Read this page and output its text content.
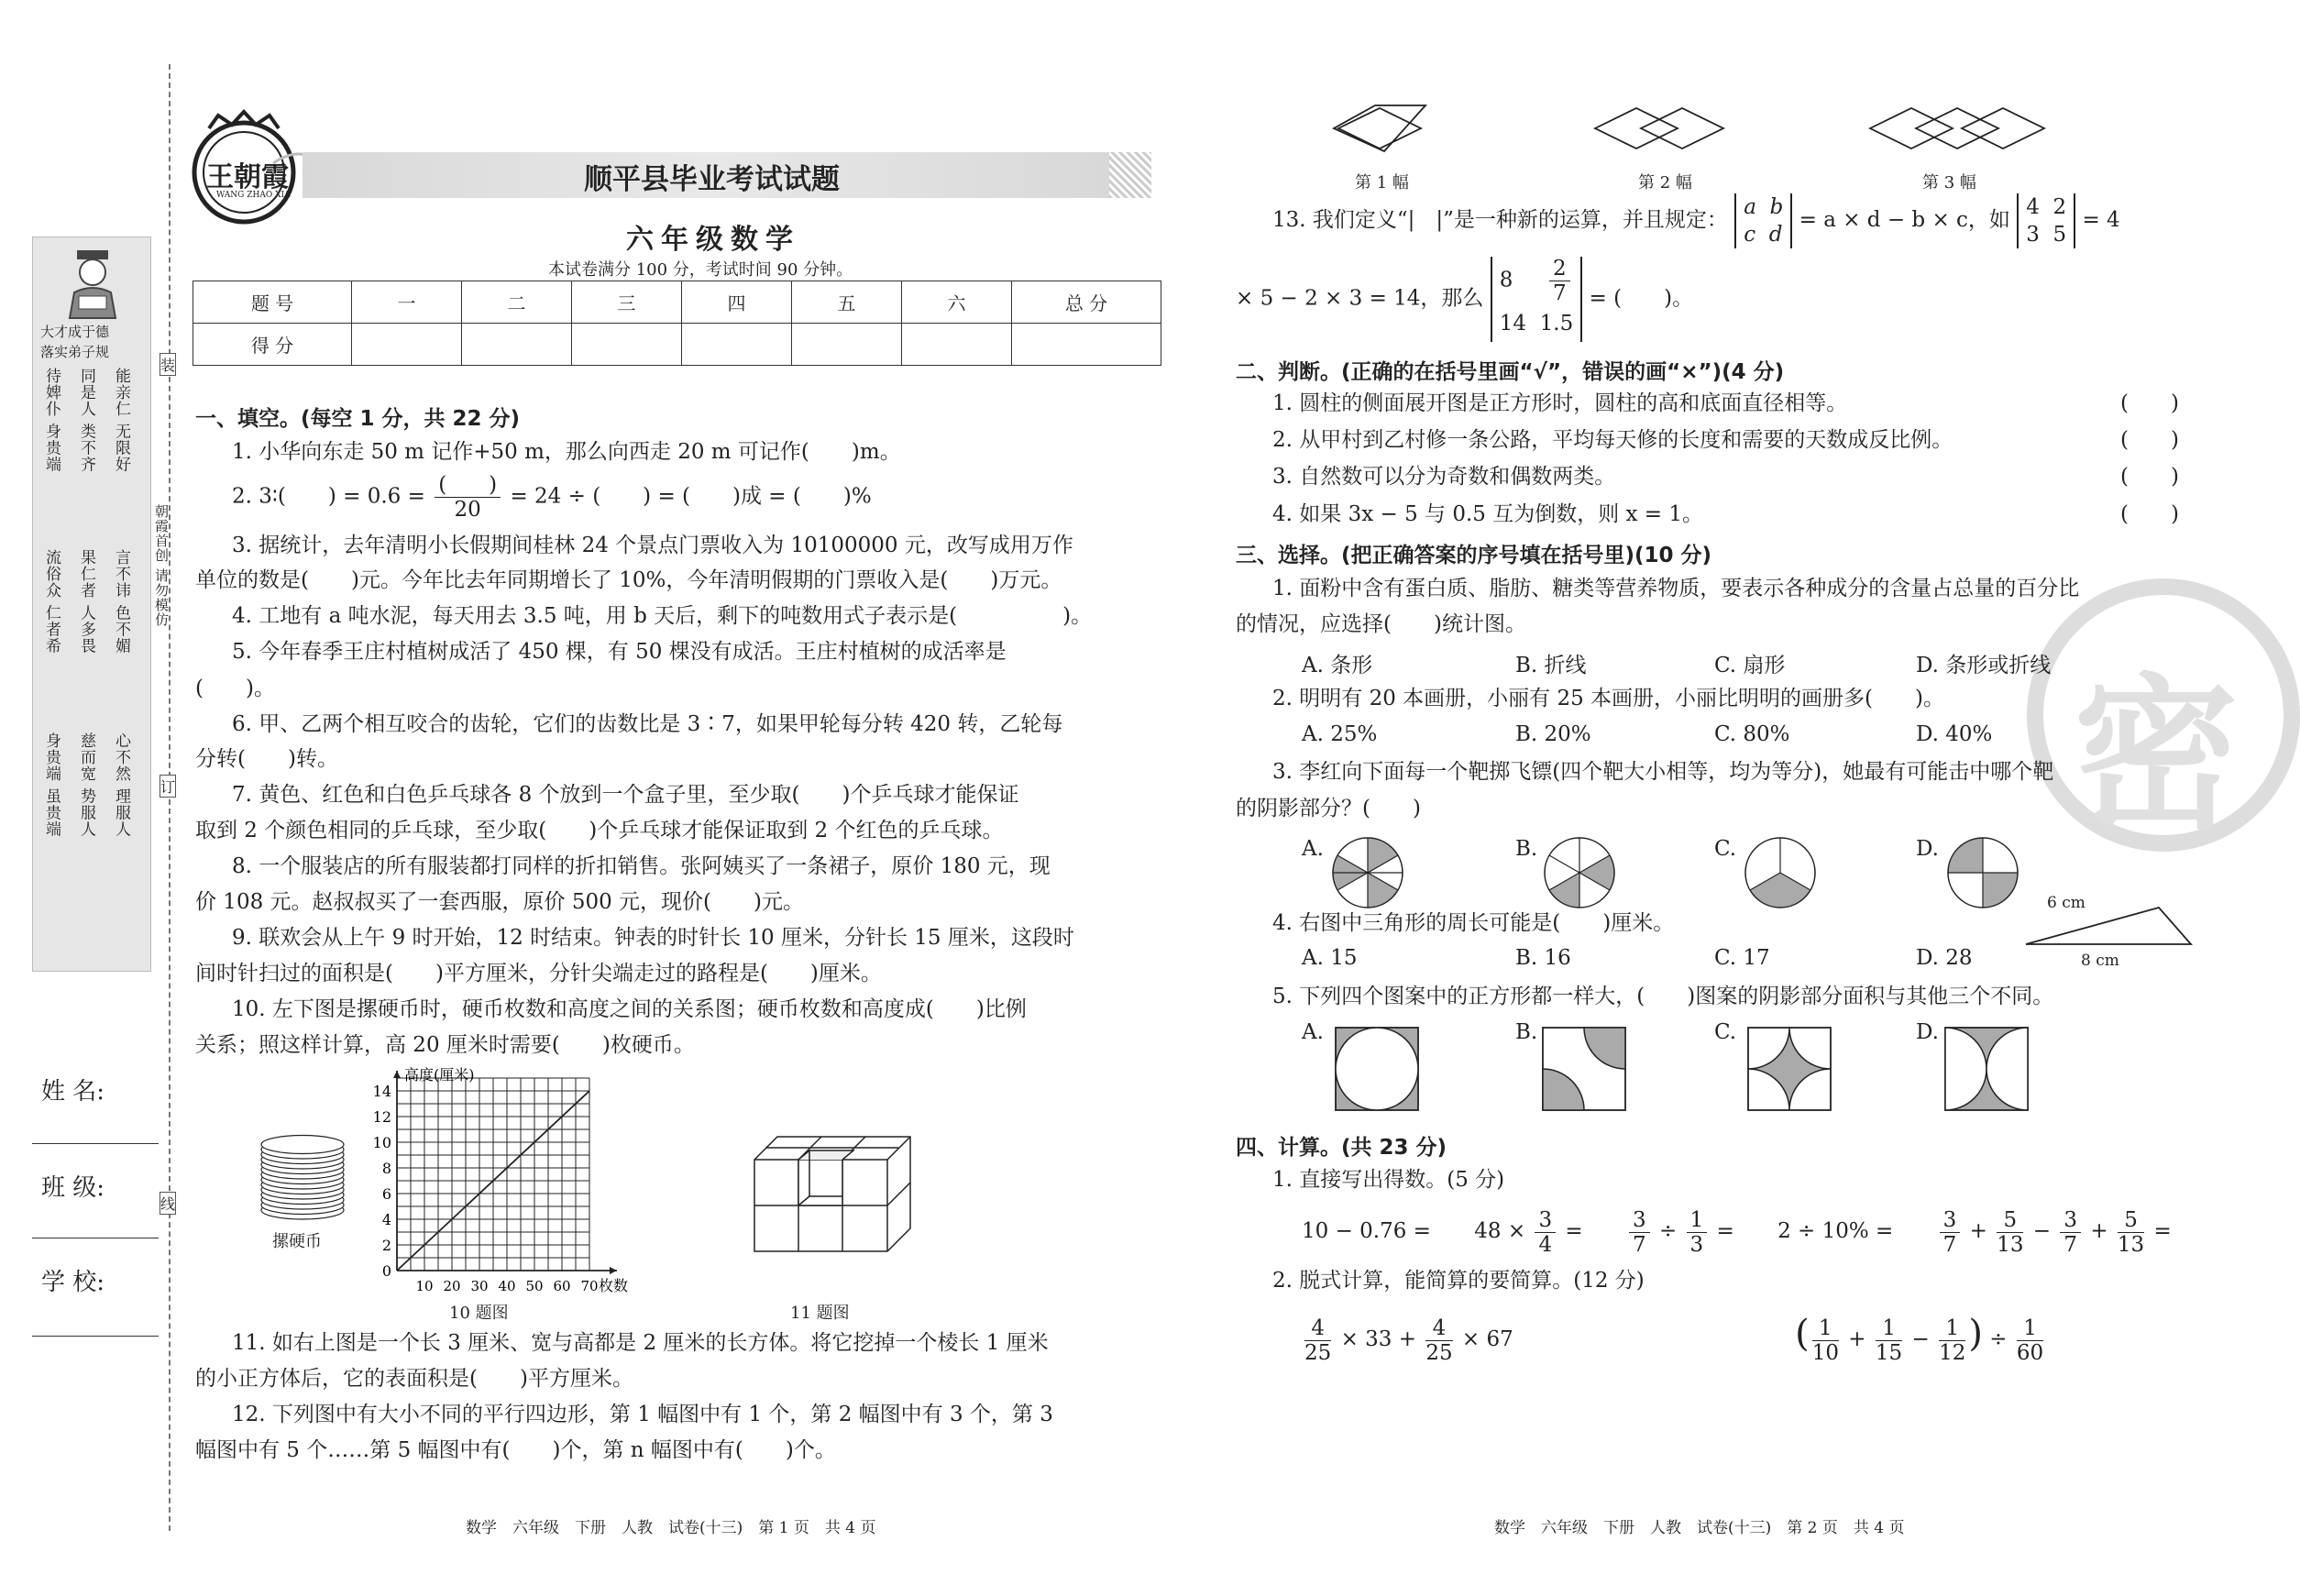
大才成于德
落实弟子规
待婢仆 身贵端 同是人 类不齐 能亲仁 无限好
流俗众 仁者希 果仁者 人多畏 言不讳 色不媚
身贵端 虽贵端 慈而宽 势服人 心不然 理服人
姓 名:
班 级:
学 校:
装
订
线
朝霞首创 请勿模仿
王朝霞
WANG ZHAO XIA	顺平县毕业考试试题
六年级数学
本试卷满分 100 分，考试时间 90 分钟。
题 号	一	二	三	四	五	六	总 分
得 分							
一、填空。(每空 1 分，共 22 分)
1. 小华向东走 50 m 记作+50 m，那么向西走 20 m 可记作(　　)m。
2. 3∶(　　) = $0.6 = \frac{( )}{20} = 24$ ÷ (　　) = (　　)成 = (　　)%
3. 据统计，去年清明小长假期间桂林 24 个景点门票收入为 10100000 元，改写成用万作
单位的数是(　　)元。今年比去年同期增长了 10%，今年清明假期的门票收入是(　　)万元。
4. 工地有 a 吨水泥，每天用去 3.5 吨，用 b 天后，剩下的吨数用式子表示是(　　　　　)。
5. 今年春季王庄村植树成活了 450 棵，有 50 棵没有成活。王庄村植树的成活率是
(　　)。
6. 甲、乙两个相互咬合的齿轮，它们的齿数比是 3∶7，如果甲轮每分转 420 转，乙轮每
分转(　　)转。
7. 黄色、红色和白色乒乓球各 8 个放到一个盒子里，至少取(　　)个乒乓球才能保证
取到 2 个颜色相同的乒乓球，至少取(　　)个乒乓球才能保证取到 2 个红色的乒乓球。
8. 一个服装店的所有服装都打同样的折扣销售。张阿姨买了一条裙子，原价 180 元，现
价 108 元。赵叔叔买了一套西服，原价 500 元，现价(　　)元。
9. 联欢会从上午 9 时开始，12 时结束。钟表的时针长 10 厘米，分针长 15 厘米，这段时
间时针扫过的面积是(　　)平方厘米，分针尖端走过的路程是(　　)厘米。
10. 左下图是摞硬币时，硬币枚数和高度之间的关系图；硬币枚数和高度成(　　)比例
关系；照这样计算，高 20 厘米时需要(　　)枚硬币。
摞硬币
0
2
4
6
8
10
12
14
10 20 30 40 50 60 70
高度(厘米)
枚数
10 题图	11 题图
11. 如右上图是一个长 3 厘米、宽与高都是 2 厘米的长方体。将它挖掉一个棱长 1 厘米
的小正方体后，它的表面积是(　　)平方厘米。
12. 下列图中有大小不同的平行四边形，第 1 幅图中有 1 个，第 2 幅图中有 3 个，第 3
幅图中有 5 个……第 5 幅图中有(　　)个，第 n 幅图中有(　　)个。
数学　六年级　下册　人教　试卷(十三)　第 1 页　共 4 页
密
第 1 幅	第 2 幅	第 3 幅
13. 我们定义“|　|”是一种新的运算，并且规定： a b
c d = a × d − b × c，如 4 2
3 5 = 4
× 5 − 2 × 3 = 14，那么 $8 \frac{2}{7}$

14 1.5 = (　　)。
二、判断。(正确的在括号里画“√”，错误的画“×”)(4 分)
1. 圆柱的侧面展开图是正方形时，圆柱的高和底面直径相等。
2. 从甲村到乙村修一条公路，平均每天修的长度和需要的天数成反比例。
3. 自然数可以分为奇数和偶数两类。
4. 如果 3x − 5 与 0.5 互为倒数，则 x = 1。
(　　)
(　　)
(　　)
(　　)
三、选择。(把正确答案的序号填在括号里)(10 分)
1. 面粉中含有蛋白质、脂肪、糖类等营养物质，要表示各种成分的含量占总量的百分比
的情况，应选择(　　)统计图。
A. 条形	B. 折线	C. 扇形	D. 条形或折线
2. 明明有 20 本画册，小丽有 25 本画册，小丽比明明的画册多(　　)。
A. 25%	B. 20%	C. 80%	D. 40%
3. 李红向下面每一个靶掷飞镖(四个靶大小相等，均为等分)，她最有可能击中哪个靶
的阴影部分？(　　)
A.	B.	C.	D.
4. 右图中三角形的周长可能是(　　)厘米。
A. 15	B. 16	C. 17	D. 28
6 cm
8 cm
5. 下列四个图案中的正方形都一样大，(　　)图案的阴影部分面积与其他三个不同。
A.	B.	C.	D.
四、计算。(共 23 分)
1. 直接写出得数。(5 分)
$10 - 0.76 = 48 \times \frac{3}{4} = \frac{3}{7} \div \frac{1}{3} = 2 \div 10\% = \frac{3}{7} + \frac{5}{13} - \frac{3}{7} + \frac{5}{13}$ =
2. 脱式计算，能简算的要简算。(12 分)
$\frac{4}{25} \times 33 + \frac{4}{25} \times 67$	( $\frac{1}{10} + \frac{1}{15} - \frac{1}{12}$ ) ÷ $\frac{1}{60}$
数学　六年级　下册　人教　试卷(十三)　第 2 页　共 4 页
